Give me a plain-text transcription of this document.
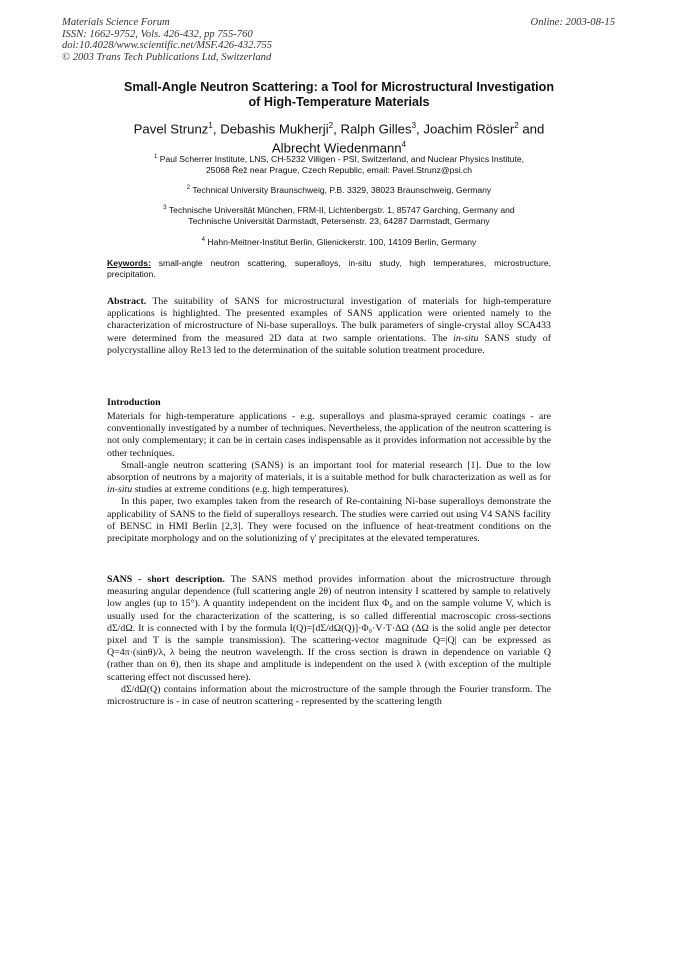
Materials Science Forum
ISSN: 1662-9752, Vols. 426-432, pp 755-760
doi:10.4028/www.scientific.net/MSF.426-432.755
© 2003 Trans Tech Publications Ltd, Switzerland
Online: 2003-08-15
Small-Angle Neutron Scattering: a Tool for Microstructural Investigation
of High-Temperature Materials
Pavel Strunz$^1$, Debashis Mukherji$^2$, Ralph Gilles$^3$, Joachim Rösler$^2$ and
Albrecht Wiedenmann$^4$
$^1$ Paul Scherrer Institute, LNS, CH-5232 Villigen - PSI, Switzerland, and Nuclear Physics Institute,
25068 Řež near Prague, Czech Republic, email: Pavel.Strunz@psi.ch
$^2$ Technical University Braunschweig, P.B. 3329, 38023 Braunschweig, Germany
$^3$ Technische Universität München, FRM-II, Lichtenbergstr. 1, 85747 Garching, Germany and
Technische Universität Darmstadt, Petersenstr. 23, 64287 Darmstadt, Germany
$^4$ Hahn-Meitner-Institut Berlin, Glienickerstr. 100, 14109 Berlin, Germany
Keywords: small-angle neutron scattering, superalloys, in-situ study, high temperatures, microstructure, precipitation.

Abstract. The suitability of SANS for microstructural investigation of materials for high-temperature applications is highlighted. The presented examples of SANS application were oriented namely to the characterization of microstructure of Ni-base superalloys. The bulk parameters of single-crystal alloy SCA433 were determined from the measured 2D data at two sample orientations. The in-situ SANS study of polycrystalline alloy Re13 led to the determination of the suitable solution treatment procedure.

Introduction

Materials for high-temperature applications - e.g. superalloys and plasma-sprayed ceramic coatings - are conventionally investigated by a number of techniques. Nevertheless, the application of the neutron scattering is not only complementary; it can be in certain cases indispensable as it provides information not accessible by the other techniques.

Small-angle neutron scattering (SANS) is an important tool for material research [1]. Due to the low absorption of neutrons by a majority of materials, it is a suitable method for bulk characterization as well as for in-situ studies at extreme conditions (e.g. high temperatures).

In this paper, two examples taken from the research of Re-containing Ni-base superalloys demonstrate the applicability of SANS to the field of superalloys research. The studies were carried out using V4 SANS facility of BENSC in HMI Berlin [2,3]. They were focused on the influence of heat-treatment conditions on the precipitate morphology and on the solutionizing of γ' precipitates at the elevated temperatures.

SANS - short description. The SANS method provides information about the microstructure through measuring angular dependence (full scattering angle 2θ) of neutron intensity I scattered by sample to relatively low angles (up to 15°). A quantity independent on the incident flux Φ₀ and on the sample volume V, which is usually used for the characterization of the scattering, is so called differential macroscopic cross-sections dΣ/dΩ. It is connected with I by the formula I(Q)=[dΣ/dΩ(Q)]·Φ₀·V·T·ΔΩ (ΔΩ is the solid angle per detector pixel and T is the sample transmission). The scattering-vector magnitude Q=|Q| can be expressed as Q=4π·(sinθ)/λ, λ being the neutron wavelength. If the cross section is drawn in dependence on variable Q (rather than on θ), then its shape and amplitude is independent on the used λ (with exception of the multiple scattering effect not discussed here).

dΣ/dΩ(Q) contains information about the microstructure of the sample through the Fourier transform. The microstructure is - in case of neutron scattering - represented by the scattering length
